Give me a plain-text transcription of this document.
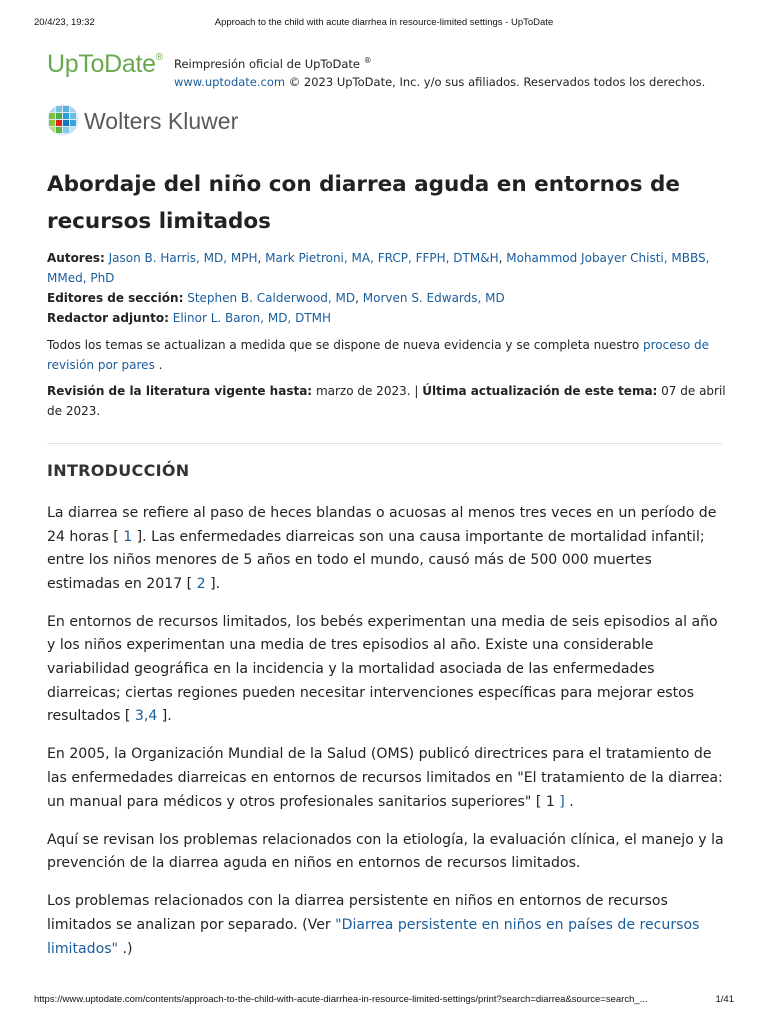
20/4/23, 19:32	Approach to the child with acute diarrhea in resource-limited settings - UpToDate
UpToDate® Reimpresión oficial de UpToDate ®
www.uptodate.com © 2023 UpToDate, Inc. y/o sus afiliados. Reservados todos los derechos.
Wolters Kluwer
Abordaje del niño con diarrea aguda en entornos de recursos limitados

Autores: Jason B. Harris, MD, MPH, Mark Pietroni, MA, FRCP, FFPH, DTM&H, Mohammod Jobayer Chisti, MBBS, MMed, PhD

Editores de sección: Stephen B. Calderwood, MD, Morven S. Edwards, MD

Redactor adjunto: Elinor L. Baron, MD, DTMH

Todos los temas se actualizan a medida que se dispone de nueva evidencia y se completa nuestro proceso de revisión por pares .

Revisión de la literatura vigente hasta: marzo de 2023. | Última actualización de este tema: 07 de abril de 2023.

INTRODUCCIÓN

La diarrea se refiere al paso de heces blandas o acuosas al menos tres veces en un período de 24 horas [ 1 ]. Las enfermedades diarreicas son una causa importante de mortalidad infantil; entre los niños menores de 5 años en todo el mundo, causó más de 500 000 muertes estimadas en 2017 [ 2 ].

En entornos de recursos limitados, los bebés experimentan una media de seis episodios al año y los niños experimentan una media de tres episodios al año. Existe una considerable variabilidad geográfica en la incidencia y la mortalidad asociada de las enfermedades diarreicas; ciertas regiones pueden necesitar intervenciones específicas para mejorar estos resultados [ 3,4 ].

En 2005, la Organización Mundial de la Salud (OMS) publicó directrices para el tratamiento de las enfermedades diarreicas en entornos de recursos limitados en "El tratamiento de la diarrea: un manual para médicos y otros profesionales sanitarios superiores" [ 1 ] .

Aquí se revisan los problemas relacionados con la etiología, la evaluación clínica, el manejo y la prevención de la diarrea aguda en niños en entornos de recursos limitados.

Los problemas relacionados con la diarrea persistente en niños en entornos de recursos limitados se analizan por separado. (Ver "Diarrea persistente en niños en países de recursos limitados" .)

https://www.uptodate.com/contents/approach-to-the-child-with-acute-diarrhea-in-resource-limited-settings/print?search=diarrea&source=search_...	1/41
